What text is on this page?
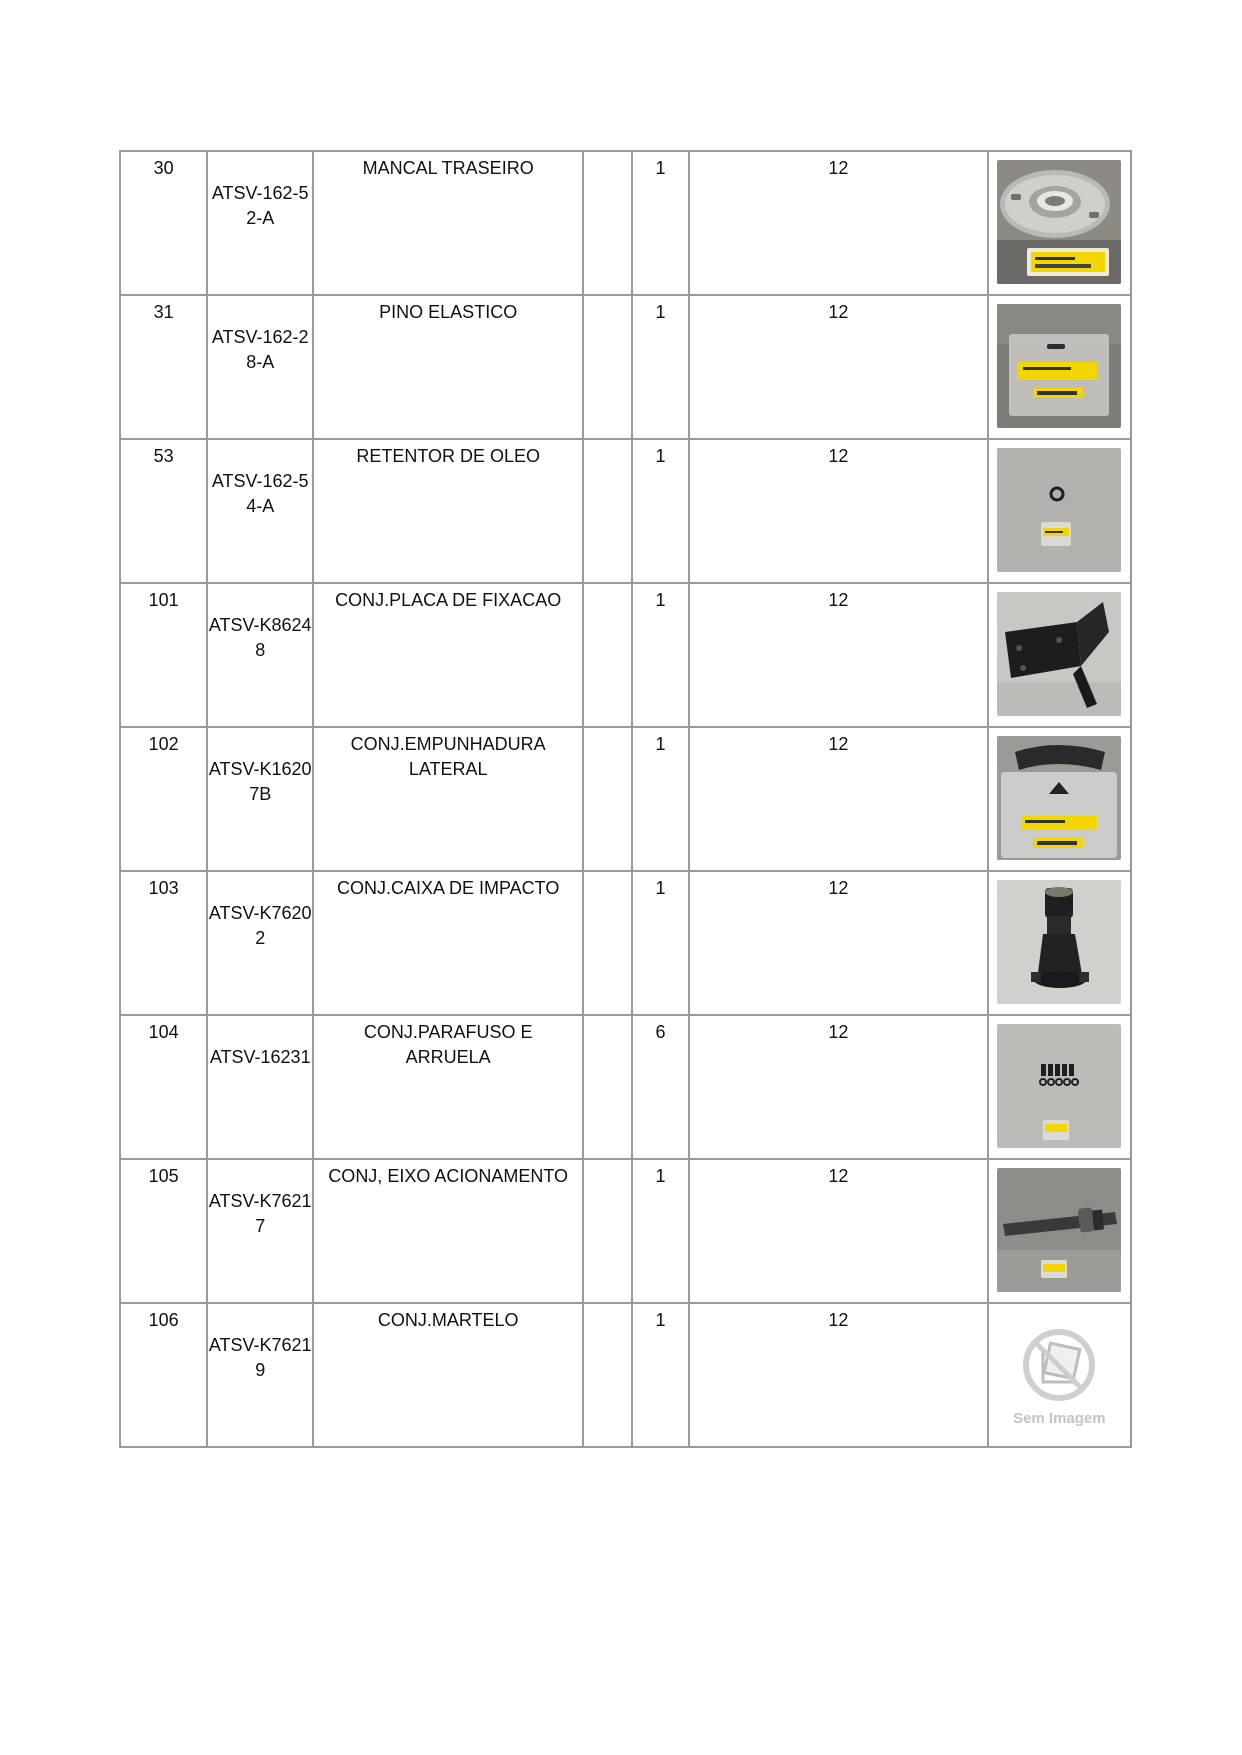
30	ATSV-162-52-A	MANCAL TRASEIRO		1	12

31	ATSV-162-28-A	PINO ELASTICO		1	12

53	ATSV-162-54-A	RETENTOR DE OLEO		1	12

101	ATSV-K86248	CONJ.PLACA DE FIXACAO		1	12

102	ATSV-K16207B	CONJ.EMPUNHADURA LATERAL		1	12

103	ATSV-K76202	CONJ.CAIXA DE IMPACTO		1	12

104	ATSV-16231	CONJ.PARAFUSO E ARRUELA		6	12

105	ATSV-K76217	CONJ, EIXO ACIONAMENTO		1	12

106	ATSV-K76219	CONJ.MARTELO		1	12	Sem Imagem
